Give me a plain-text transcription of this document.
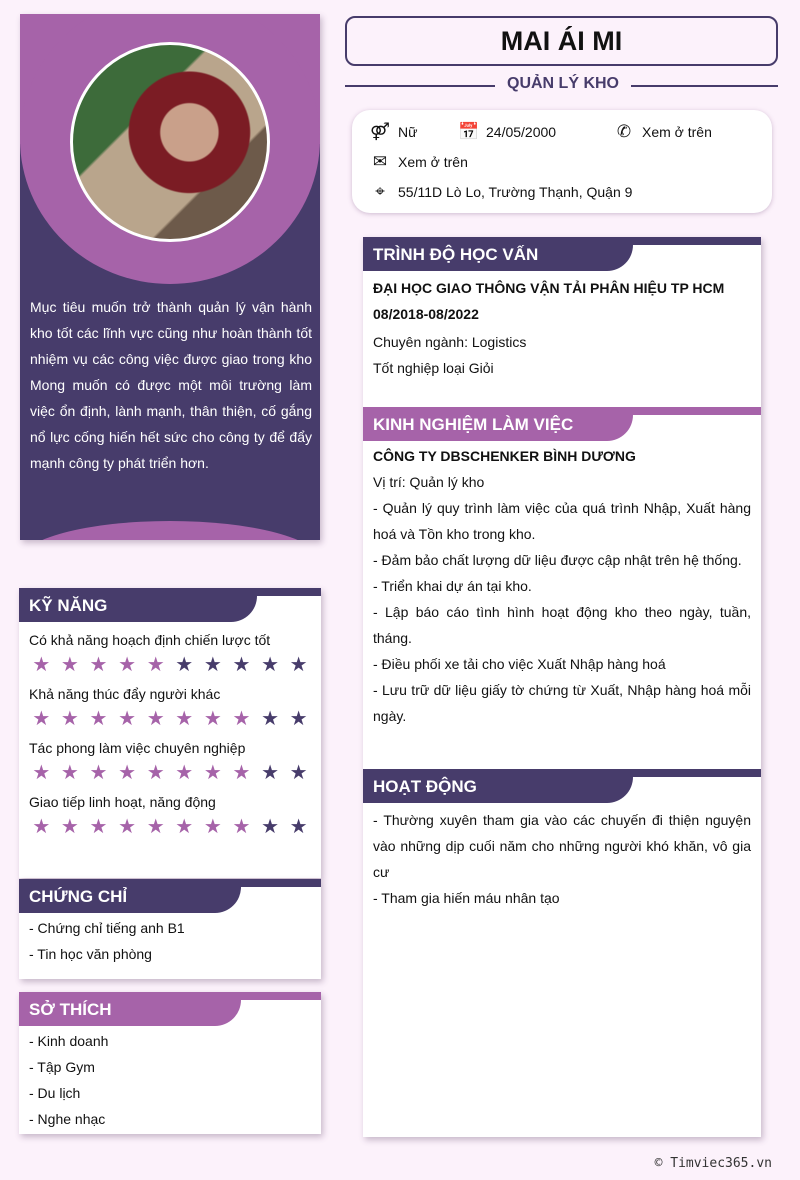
Mục tiêu muốn trở thành quản lý vận hành kho tốt các lĩnh vực cũng như hoàn thành tốt nhiệm vụ các công việc được giao trong kho Mong muốn có được một môi trường làm việc ổn định, lành mạnh, thân thiện, cố gắng nổ lực cống hiến hết sức cho công ty để đẩy mạnh công ty phát triển hơn.
KỸ NĂNG
Có khả năng hoạch định chiến lược tốt
★ ★ ★ ★ ★ ★ ★ ★ ★ ★
Khả năng thúc đẩy người khác
★ ★ ★ ★ ★ ★ ★ ★ ★ ★
Tác phong làm việc chuyên nghiệp
★ ★ ★ ★ ★ ★ ★ ★ ★ ★
Giao tiếp linh hoạt, năng động
★ ★ ★ ★ ★ ★ ★ ★ ★ ★
CHỨNG CHỈ
- Chứng chỉ tiếng anh B1
- Tin học văn phòng
SỞ THÍCH
- Kinh doanh
- Tập Gym
- Du lịch
- Nghe nhạc
MAI ÁI MI
QUẢN LÝ KHO
⚤ Nữ 📅 24/05/2000	✆ Xem ở trên
✉ Xem ở trên
⌖ 55/11D Lò Lo, Trường Thạnh, Quận 9
TRÌNH ĐỘ HỌC VẤN
ĐẠI HỌC GIAO THÔNG VẬN TẢI PHÂN HIỆU TP HCM
08/2018-08/2022
Chuyên ngành: Logistics
Tốt nghiệp loại Giỏi
KINH NGHIỆM LÀM VIỆC
CÔNG TY DBSCHENKER BÌNH DƯƠNG
Vị trí: Quản lý kho
- Quản lý quy trình làm việc của quá trình Nhập, Xuất hàng hoá và Tồn kho trong kho.
- Đảm bảo chất lượng dữ liệu được cập nhật trên hệ thống.
- Triển khai dự án tại kho.
- Lập báo cáo tình hình hoạt động kho theo ngày, tuần, tháng.
- Điều phối xe tải cho việc Xuất Nhập hàng hoá
- Lưu trữ dữ liệu giấy tờ chứng từ Xuất, Nhập hàng hoá mỗi ngày.
HOẠT ĐỘNG
- Thường xuyên tham gia vào các chuyến đi thiện nguyện vào những dịp cuối năm cho những người khó khăn, vô gia cư
- Tham gia hiến máu nhân tạo
© Timviec365.vn
